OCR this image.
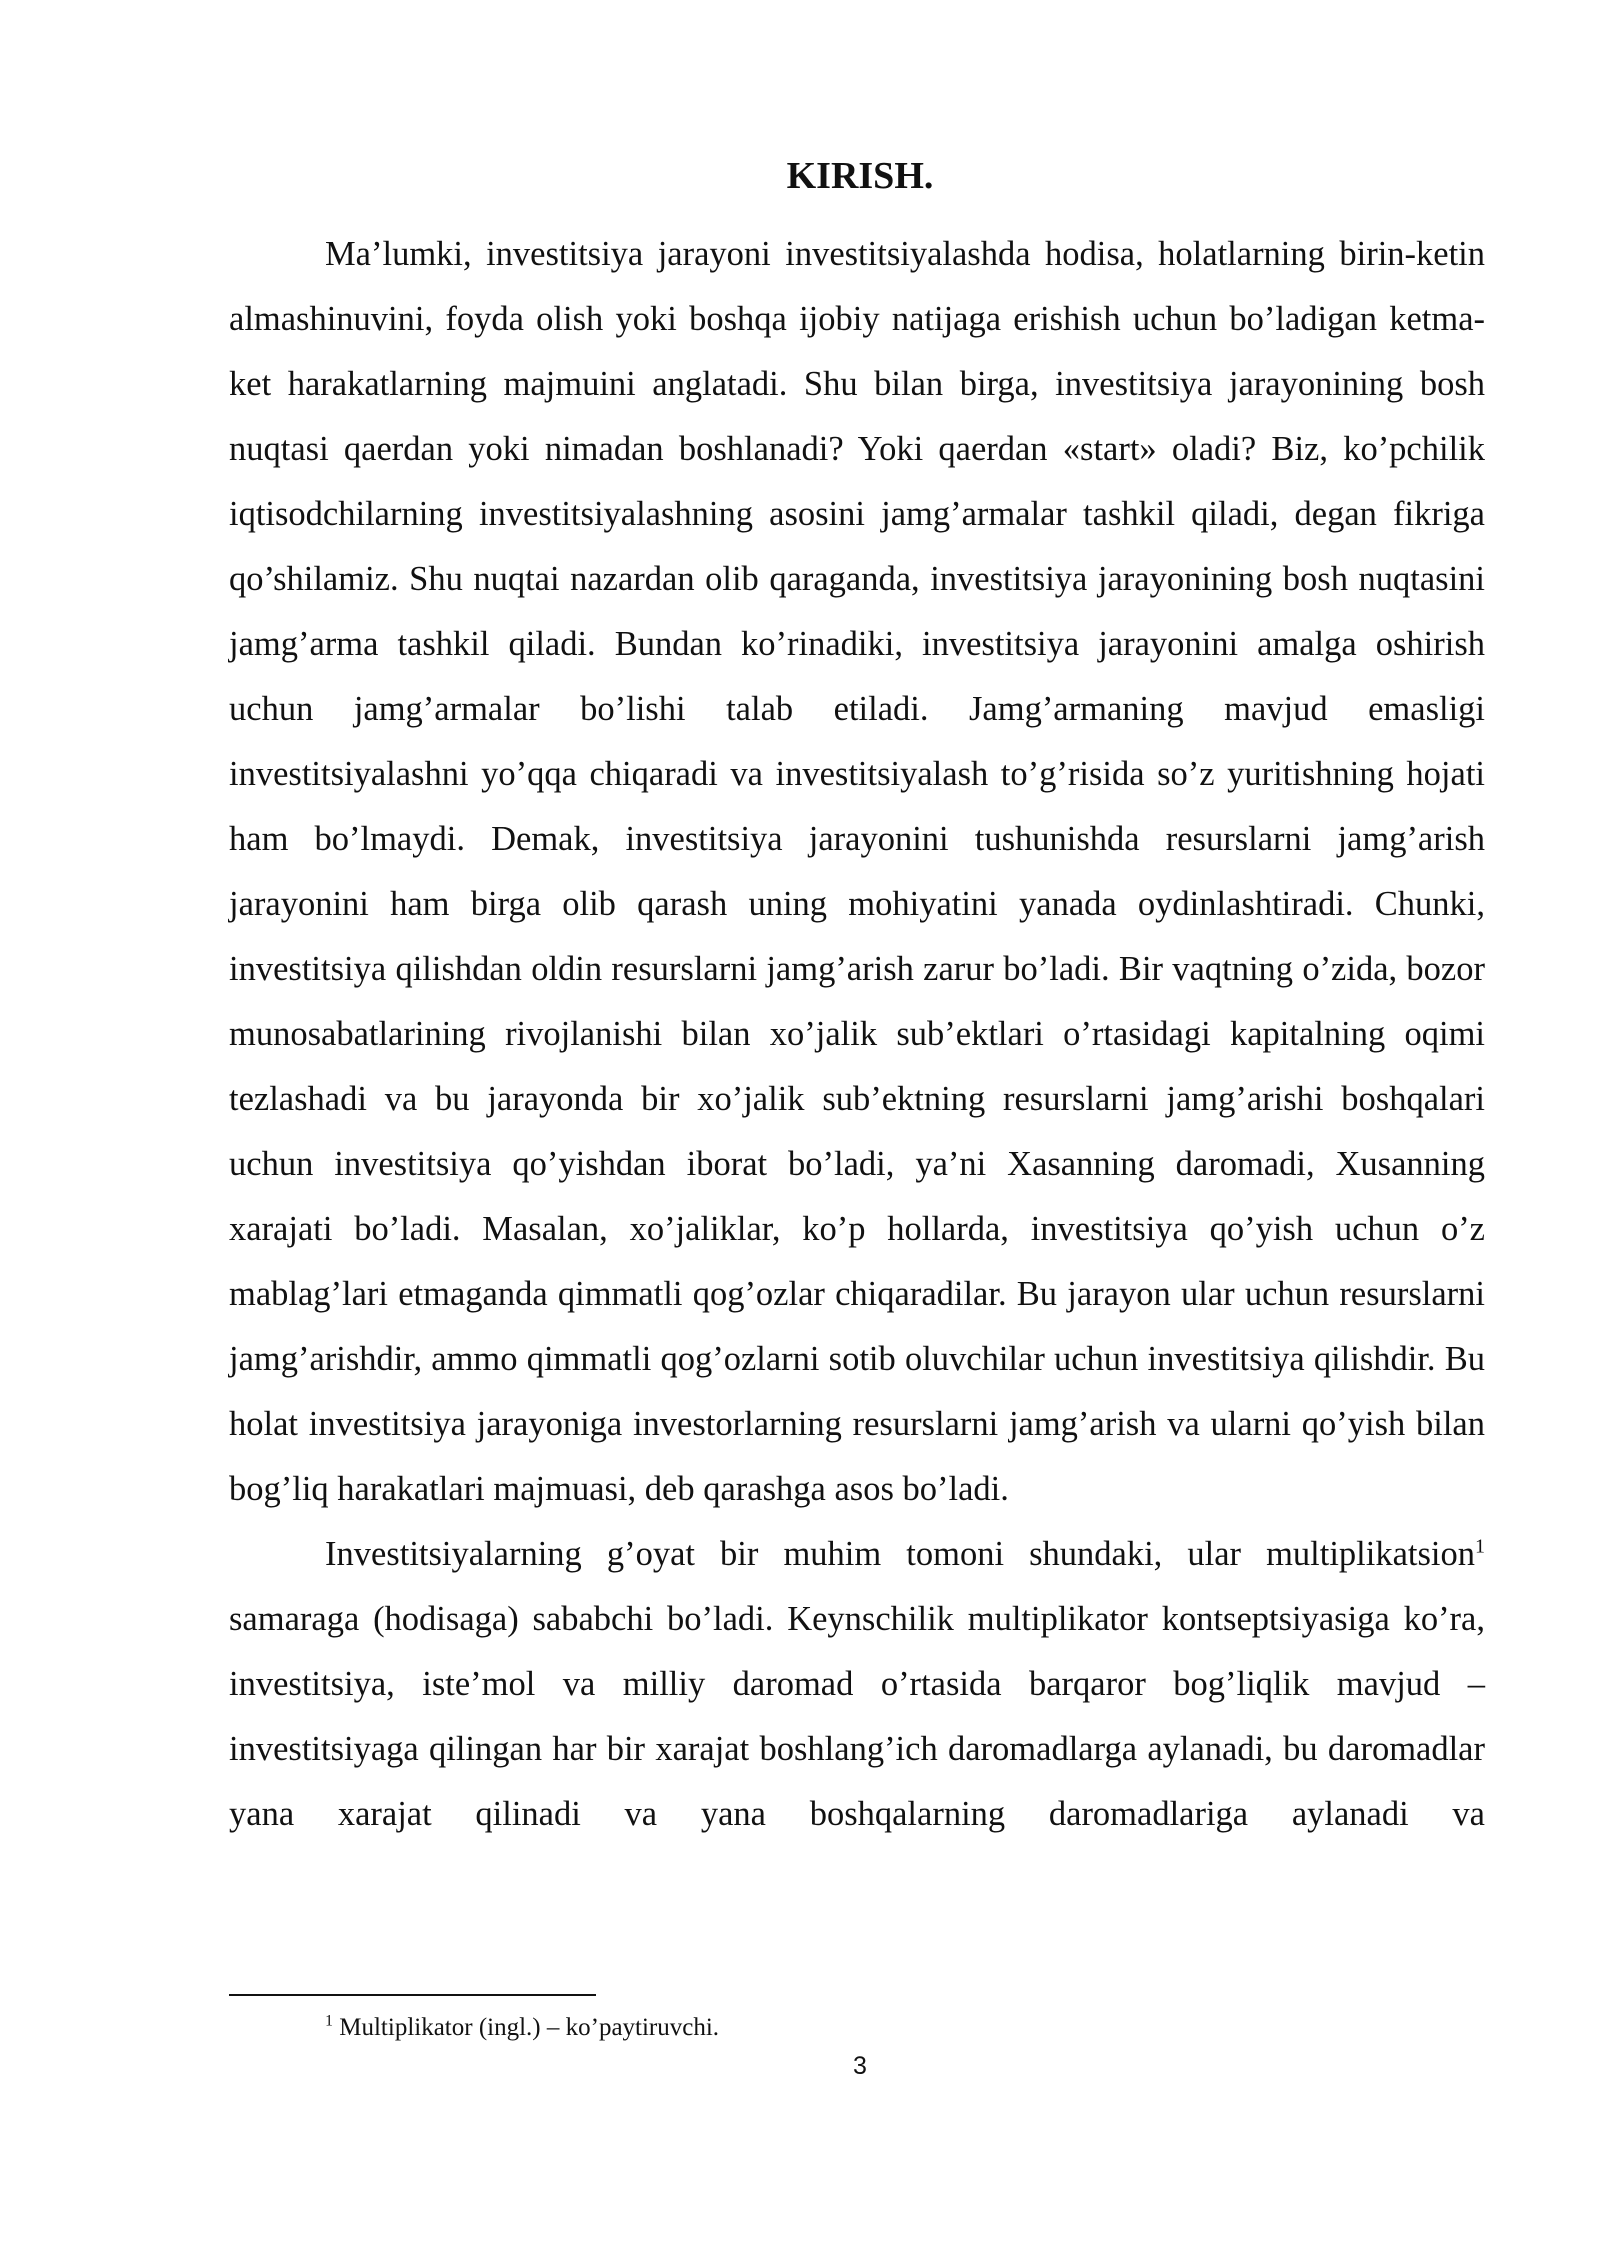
KIRISH.

Ma’lumki, investitsiya jarayoni investitsiyalashda hodisa, holatlarning birin-ketin almashinuvini, foyda olish yoki boshqa ijobiy natijaga erishish uchun bo’ladigan ketma-ket harakatlarning majmuini anglatadi. Shu bilan birga, investitsiya jarayonining bosh nuqtasi qaerdan yoki nimadan boshlanadi? Yoki qaerdan «start» oladi? Biz, ko’pchilik iqtisodchilarning investitsiyalashning asosini jamg’armalar tashkil qiladi, degan fikriga qo’shilamiz. Shu nuqtai nazardan olib qaraganda, investitsiya jarayonining bosh nuqtasini jamg’arma tashkil qiladi. Bundan ko’rinadiki, investitsiya jarayonini amalga oshirish uchun jamg’armalar bo’lishi talab etiladi. Jamg’armaning mavjud emasligi investitsiyalashni yo’qqa chiqaradi va investitsiyalash to’g’risida so’z yuritishning hojati ham bo’lmaydi. Demak, investitsiya jarayonini tushunishda resurslarni jamg’arish jarayonini ham birga olib qarash uning mohiyatini yanada oydinlashtiradi. Chunki, investitsiya qilishdan oldin resurslarni jamg’arish zarur bo’ladi. Bir vaqtning o’zida, bozor munosabatlarining rivojlanishi bilan xo’jalik sub’ektlari o’rtasidagi kapitalning oqimi tezlashadi va bu jarayonda bir xo’jalik sub’ektning resurslarni jamg’arishi boshqalari uchun investitsiya qo’yishdan iborat bo’ladi, ya’ni Xasanning daromadi, Xusanning xarajati bo’ladi. Masalan, xo’jaliklar, ko’p hollarda, investitsiya qo’yish uchun o’z mablag’lari etmaganda qimmatli qog’ozlar chiqaradilar. Bu jarayon ular uchun resurslarni jamg’arishdir, ammo qimmatli qog’ozlarni sotib oluvchilar uchun investitsiya qilishdir. Bu holat investitsiya jarayoniga investorlarning resurslarni jamg’arish va ularni qo’yish bilan bog’liq harakatlari majmuasi, deb qarashga asos bo’ladi.

Investitsiyalarning g’oyat bir muhim tomoni shundaki, ular multiplikatsion$^1$ samaraga (hodisaga) sababchi bo’ladi. Keynschilik multiplikator kontseptsiyasiga ko’ra, investitsiya, iste’mol va milliy daromad o’rtasida barqaror bog’liqlik mavjud – investitsiyaga qilingan har bir xarajat boshlang’ich daromadlarga aylanadi, bu daromadlar yana xarajat qilinadi va yana boshqalarning daromadlariga aylanadi va

$^1$ Multiplikator (ingl.) – ko’paytiruvchi.

3
